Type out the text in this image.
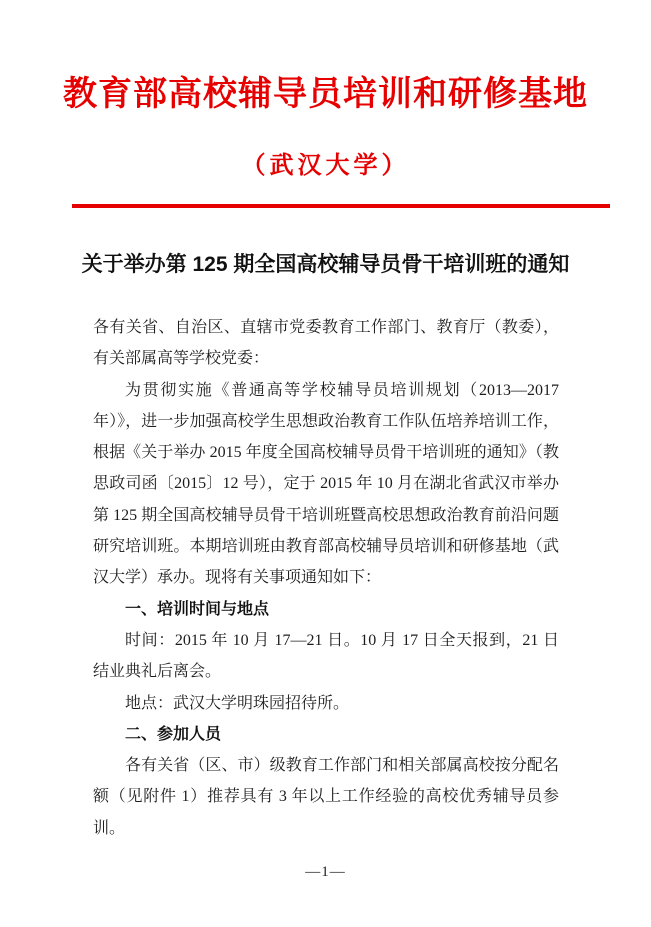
教育部高校辅导员培训和研修基地
（武汉大学）
关于举办第 125 期全国高校辅导员骨干培训班的通知

各有关省、自治区、直辖市党委教育工作部门、教育厅（教委），有关部属高等学校党委：

为贯彻实施《普通高等学校辅导员培训规划（2013—2017 年）》，进一步加强高校学生思想政治教育工作队伍培养培训工作，根据《关于举办 2015 年度全国高校辅导员骨干培训班的通知》（教思政司函〔2015〕12 号），定于 2015 年 10 月在湖北省武汉市举办第 125 期全国高校辅导员骨干培训班暨高校思想政治教育前沿问题研究培训班。本期培训班由教育部高校辅导员培训和研修基地（武汉大学）承办。现将有关事项通知如下：

一、培训时间与地点

时间：2015 年 10 月 17—21 日。10 月 17 日全天报到，21 日结业典礼后离会。

地点：武汉大学明珠园招待所。

二、参加人员

各有关省（区、市）级教育工作部门和相关部属高校按分配名额（见附件 1）推荐具有 3 年以上工作经验的高校优秀辅导员参训。

—1—
